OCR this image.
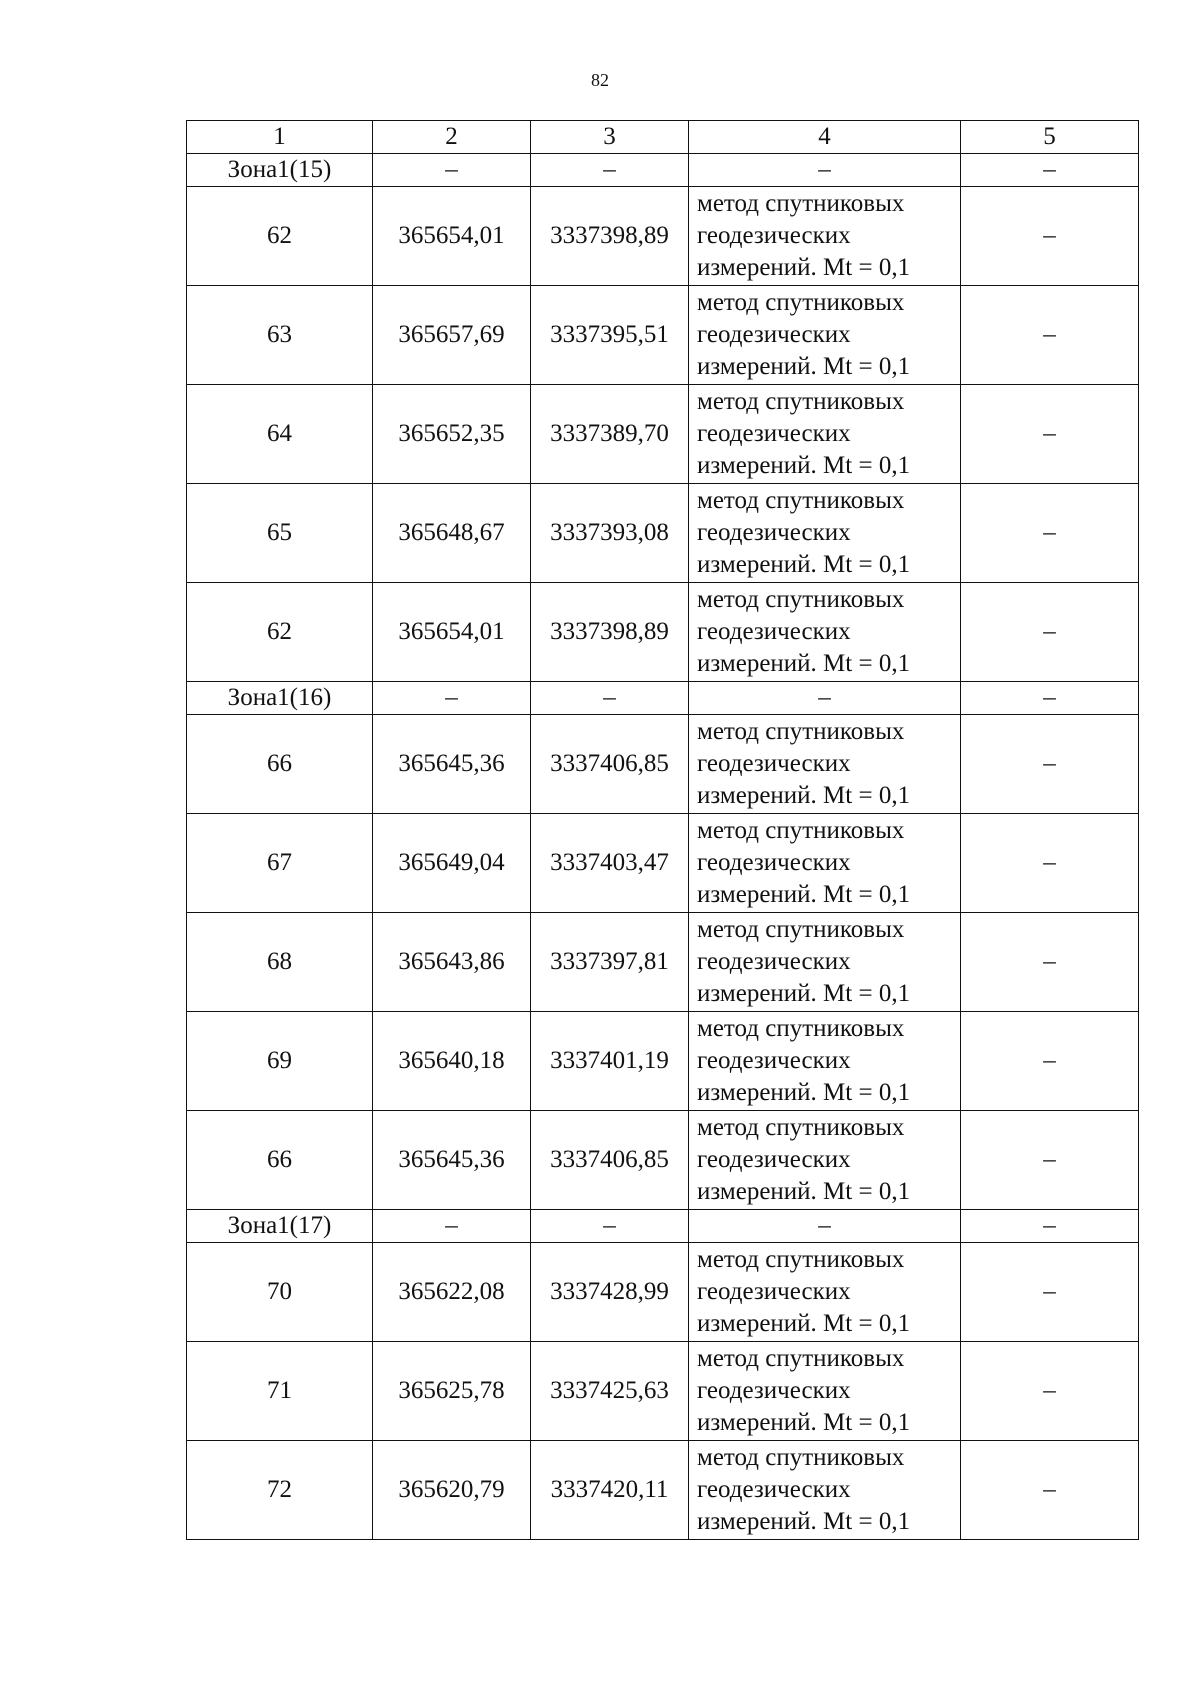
82
1	2	3	4	5
Зона1(15)	–	–	–	–
62	365654,01	3337398,89	метод спутниковых
геодезических
измерений. Mt = 0,1	–
63	365657,69	3337395,51	метод спутниковых
геодезических
измерений. Mt = 0,1	–
64	365652,35	3337389,70	метод спутниковых
геодезических
измерений. Mt = 0,1	–
65	365648,67	3337393,08	метод спутниковых
геодезических
измерений. Mt = 0,1	–
62	365654,01	3337398,89	метод спутниковых
геодезических
измерений. Mt = 0,1	–
Зона1(16)	–	–	–	–
66	365645,36	3337406,85	метод спутниковых
геодезических
измерений. Mt = 0,1	–
67	365649,04	3337403,47	метод спутниковых
геодезических
измерений. Mt = 0,1	–
68	365643,86	3337397,81	метод спутниковых
геодезических
измерений. Mt = 0,1	–
69	365640,18	3337401,19	метод спутниковых
геодезических
измерений. Mt = 0,1	–
66	365645,36	3337406,85	метод спутниковых
геодезических
измерений. Mt = 0,1	–
Зона1(17)	–	–	–	–
70	365622,08	3337428,99	метод спутниковых
геодезических
измерений. Mt = 0,1	–
71	365625,78	3337425,63	метод спутниковых
геодезических
измерений. Mt = 0,1	–
72	365620,79	3337420,11	метод спутниковых
геодезических
измерений. Mt = 0,1	–
